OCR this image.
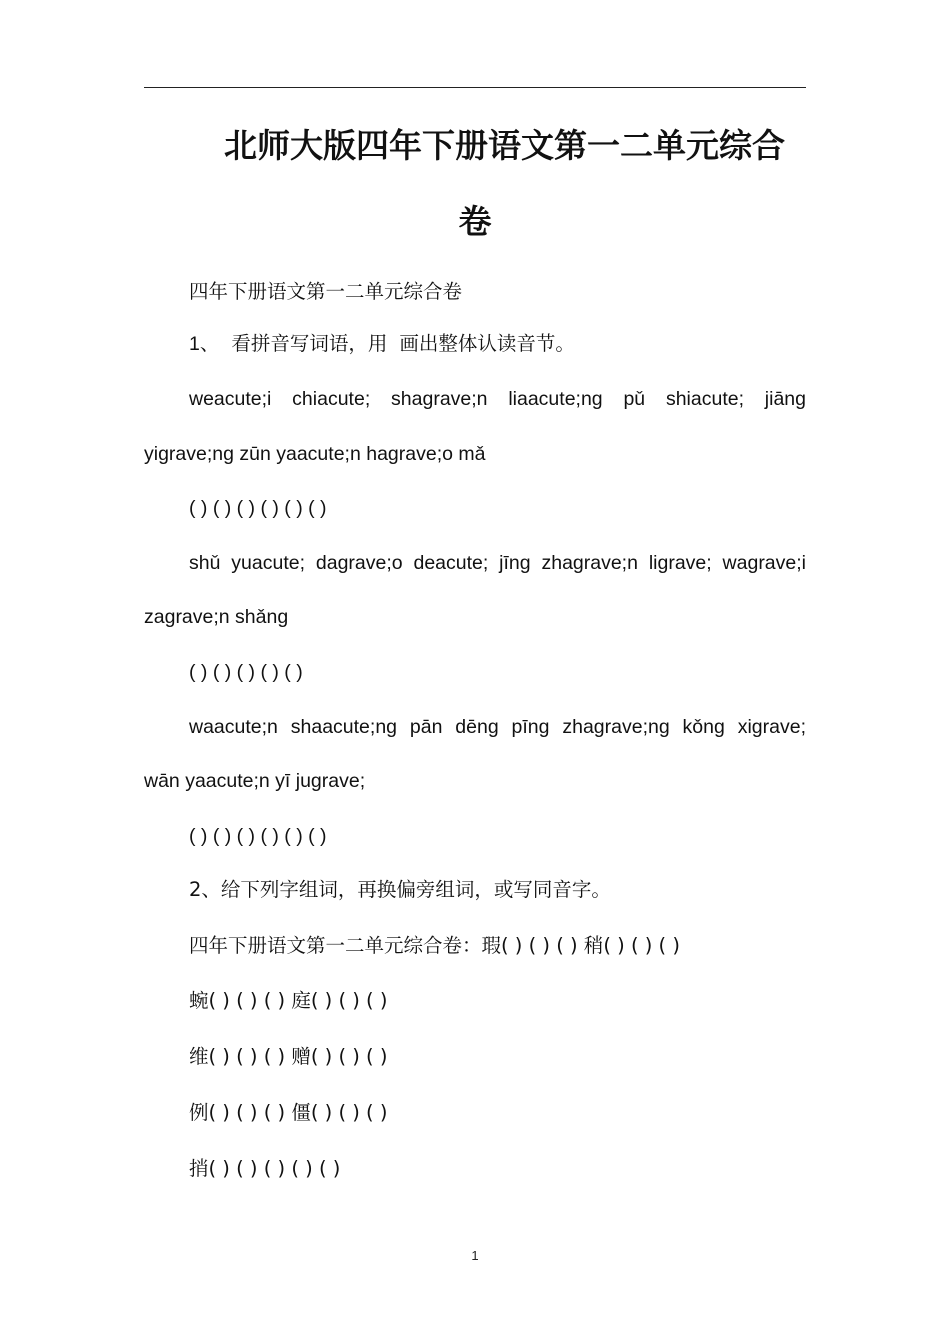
北师大版四年下册语文第一二单元综合
卷
四年下册语文第一二单元综合卷
1、 看拼音写词语，用 画出整体认读音节。
weacute;i chiacute; shagrave;n liaacute;ng pǔ shiacute; jiāng
yigrave;ng zūn yaacute;n hagrave;o mǎ
( ) ( ) ( ) ( ) ( ) ( )
shǔ yuacute; dagrave;o deacute; jīng zhagrave;n ligrave; wagrave;i
zagrave;n shǎng
( ) ( ) ( ) ( ) ( )
waacute;n shaacute;ng pān dēng pīng zhagrave;ng kǒng xigrave;
wān yaacute;n yī jugrave;
( ) ( ) ( ) ( ) ( ) ( )
2、给下列字组词，再换偏旁组词，或写同音字。
四年下册语文第一二单元综合卷：瑕( ) ( ) ( ) 稍( ) ( ) ( )
蜿( ) ( ) ( ) 庭( ) ( ) ( )
维( ) ( ) ( ) 赠( ) ( ) ( )
例( ) ( ) ( ) 僵( ) ( ) ( )
捎( ) ( ) ( ) ( ) ( )
1
